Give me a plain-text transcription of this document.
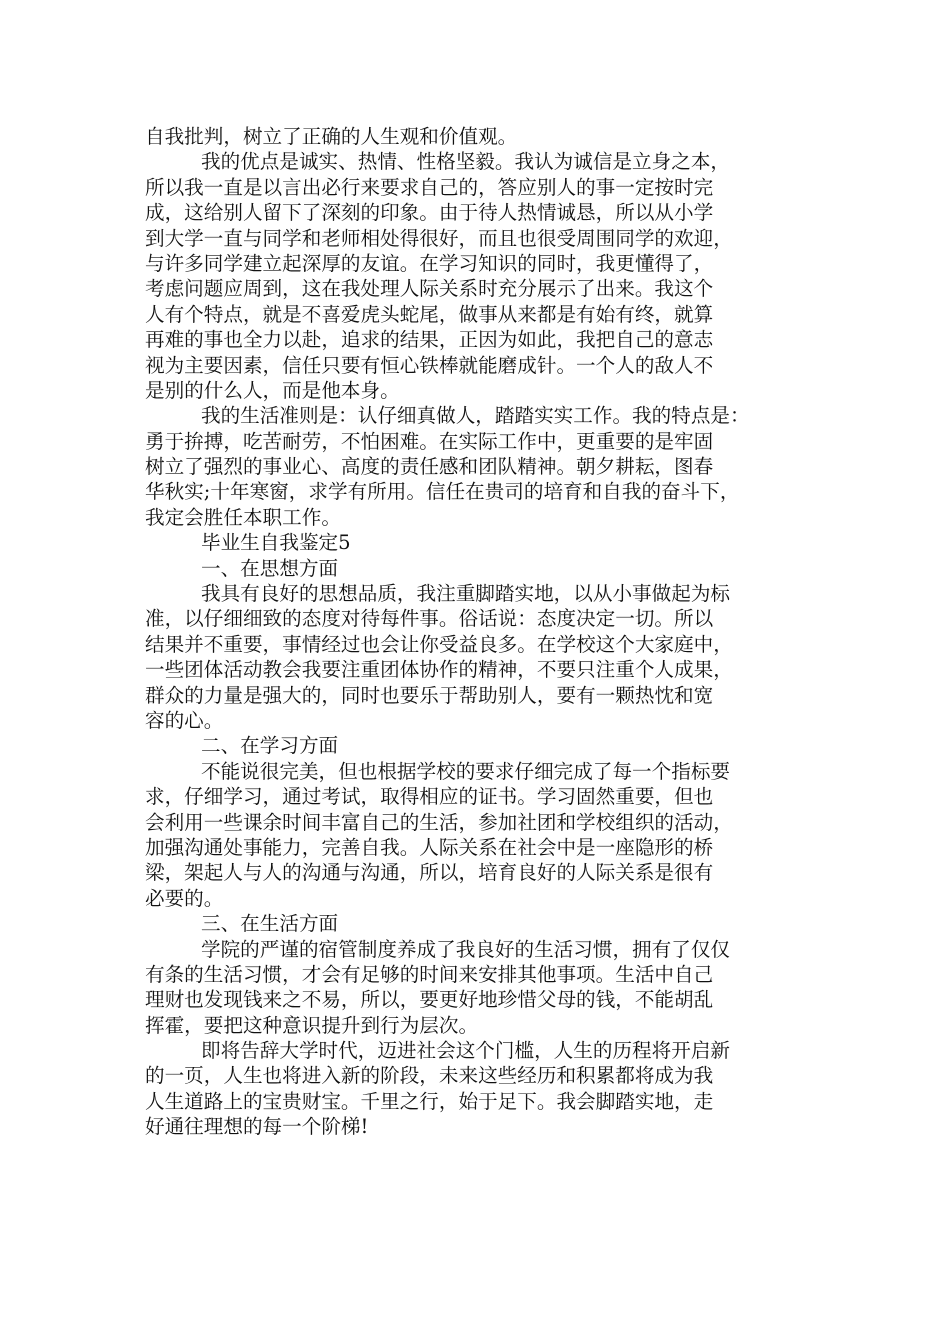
自我批判，树立了正确的人生观和价值观。
我的优点是诚实、热情、性格坚毅。我认为诚信是立身之本，
所以我一直是以言出必行来要求自己的，答应别人的事一定按时完
成，这给别人留下了深刻的印象。由于待人热情诚恳，所以从小学
到大学一直与同学和老师相处得很好，而且也很受周围同学的欢迎，
与许多同学建立起深厚的友谊。在学习知识的同时，我更懂得了，
考虑问题应周到，这在我处理人际关系时充分展示了出来。我这个
人有个特点，就是不喜爱虎头蛇尾，做事从来都是有始有终，就算
再难的事也全力以赴，追求的结果，正因为如此，我把自己的意志
视为主要因素，信任只要有恒心铁棒就能磨成针。一个人的敌人不
是别的什么人，而是他本身。
我的生活准则是：认仔细真做人，踏踏实实工作。我的特点是：
勇于拚搏，吃苦耐劳，不怕困难。在实际工作中，更重要的是牢固
树立了强烈的事业心、高度的责任感和团队精神。朝夕耕耘，图春
华秋实;十年寒窗，求学有所用。信任在贵司的培育和自我的奋斗下，
我定会胜任本职工作。
毕业生自我鉴定5
一、在思想方面
我具有良好的思想品质，我注重脚踏实地，以从小事做起为标
准，以仔细细致的态度对待每件事。俗话说：态度决定一切。所以
结果并不重要，事情经过也会让你受益良多。在学校这个大家庭中，
一些团体活动教会我要注重团体协作的精神，不要只注重个人成果，
群众的力量是强大的，同时也要乐于帮助别人，要有一颗热忱和宽
容的心。
二、在学习方面
不能说很完美，但也根据学校的要求仔细完成了每一个指标要
求，仔细学习，通过考试，取得相应的证书。学习固然重要，但也
会利用一些课余时间丰富自己的生活，参加社团和学校组织的活动，
加强沟通处事能力，完善自我。人际关系在社会中是一座隐形的桥
梁，架起人与人的沟通与沟通，所以，培育良好的人际关系是很有
必要的。
三、在生活方面
学院的严谨的宿管制度养成了我良好的生活习惯，拥有了仅仅
有条的生活习惯，才会有足够的时间来安排其他事项。生活中自己
理财也发现钱来之不易，所以，要更好地珍惜父母的钱，不能胡乱
挥霍，要把这种意识提升到行为层次。
即将告辞大学时代，迈进社会这个门槛，人生的历程将开启新
的一页，人生也将进入新的阶段，未来这些经历和积累都将成为我
人生道路上的宝贵财宝。千里之行，始于足下。我会脚踏实地，走
好通往理想的每一个阶梯!
